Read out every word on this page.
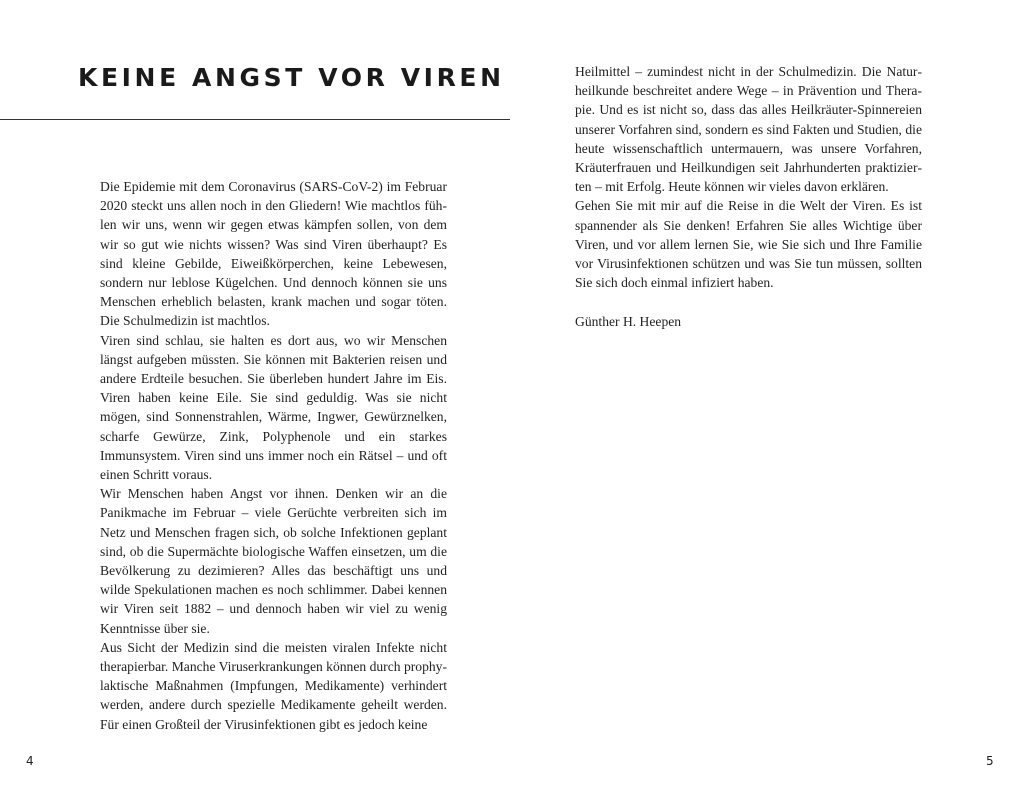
KEINE ANGST VOR VIREN

Die Epidemie mit dem Coronavirus (SARS-CoV-2) im Februar 2020 steckt uns allen noch in den Gliedern! Wie machtlos fühlen wir uns, wenn wir gegen etwas kämpfen sollen, von dem wir so gut wie nichts wissen? Was sind Viren überhaupt? Es sind kleine Gebilde, Eiweißkörperchen, keine Lebewesen, sondern nur leblose Kügelchen. Und dennoch können sie uns Menschen erheblich belasten, krank machen und sogar töten. Die Schulmedizin ist machtlos.

Viren sind schlau, sie halten es dort aus, wo wir Menschen längst aufgeben müssten. Sie können mit Bakterien reisen und andere Erdteile besuchen. Sie überleben hundert Jahre im Eis. Viren haben keine Eile. Sie sind geduldig. Was sie nicht mögen, sind Sonnenstrahlen, Wärme, Ingwer, Gewürznelken, scharfe Gewürze, Zink, Polyphenole und ein starkes Immunsystem. Viren sind uns immer noch ein Rätsel – und oft einen Schritt voraus.

Wir Menschen haben Angst vor ihnen. Denken wir an die Panikmache im Februar – viele Gerüchte verbreiten sich im Netz und Menschen fragen sich, ob solche Infektionen geplant sind, ob die Supermächte biologische Waffen einsetzen, um die Bevölkerung zu dezimieren? Alles das beschäftigt uns und wilde Spekulationen machen es noch schlimmer. Dabei kennen wir Viren seit 1882 – und dennoch haben wir viel zu wenig Kenntnisse über sie.

Aus Sicht der Medizin sind die meisten viralen Infekte nicht therapierbar. Manche Viruserkrankungen können durch prophylaktische Maßnahmen (Impfungen, Medikamente) verhindert werden, andere durch spezielle Medikamente geheilt werden. Für einen Großteil der Virusinfektionen gibt es jedoch keine

4

Heilmittel – zumindest nicht in der Schulmedizin. Die Naturheilkunde beschreitet andere Wege – in Prävention und Therapie. Und es ist nicht so, dass das alles Heilkräuter-Spinnereien unserer Vorfahren sind, sondern es sind Fakten und Studien, die heute wissenschaftlich untermauern, was unsere Vorfahren, Kräuterfrauen und Heilkundigen seit Jahrhunderten praktizierten – mit Erfolg. Heute können wir vieles davon erklären.

Gehen Sie mit mir auf die Reise in die Welt der Viren. Es ist spannender als Sie denken! Erfahren Sie alles Wichtige über Viren, und vor allem lernen Sie, wie Sie sich und Ihre Familie vor Virusinfektionen schützen und was Sie tun müssen, sollten Sie sich doch einmal infiziert haben.

Günther H. Heepen

5
